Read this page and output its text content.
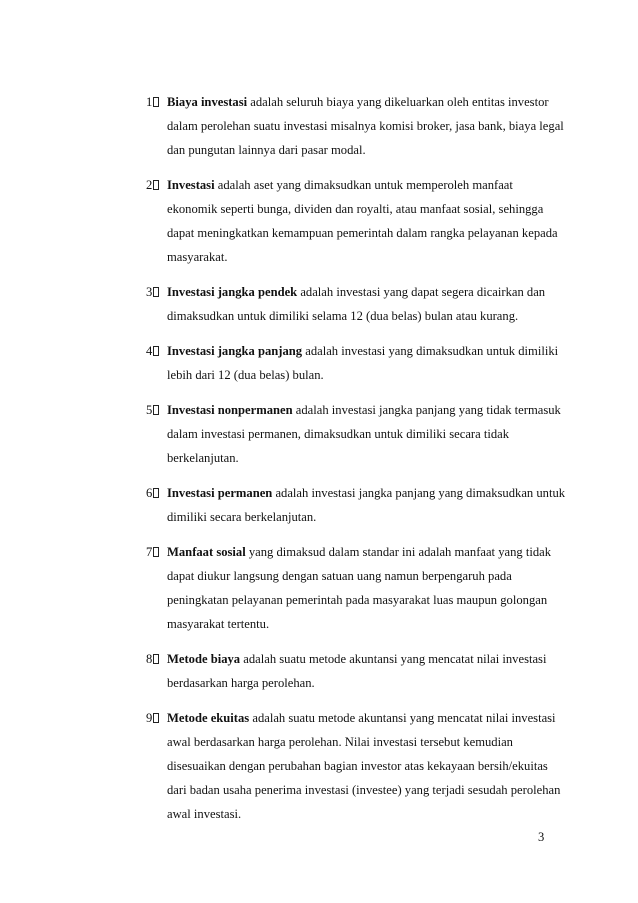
1	Biaya investasi adalah seluruh biaya yang dikeluarkan oleh entitas investor dalam perolehan suatu investasi misalnya komisi broker, jasa bank, biaya legal dan pungutan lainnya dari pasar modal.
2	Investasi adalah aset yang dimaksudkan untuk memperoleh manfaat ekonomik seperti bunga, dividen dan royalti, atau manfaat sosial, sehingga dapat meningkatkan kemampuan pemerintah dalam rangka pelayanan kepada masyarakat.
3	Investasi jangka pendek adalah investasi yang dapat segera dicairkan dan dimaksudkan untuk dimiliki selama 12 (dua belas) bulan atau kurang.
4	Investasi jangka panjang adalah investasi yang dimaksudkan untuk dimiliki lebih dari 12 (dua belas) bulan.
5	Investasi nonpermanen adalah investasi jangka panjang yang tidak termasuk dalam investasi permanen, dimaksudkan untuk dimiliki secara tidak berkelanjutan.
6	Investasi permanen adalah investasi jangka panjang yang dimaksudkan untuk dimiliki secara berkelanjutan.
7	Manfaat sosial yang dimaksud dalam standar ini adalah manfaat yang tidak dapat diukur langsung dengan satuan uang namun berpengaruh pada peningkatan pelayanan pemerintah pada masyarakat luas maupun golongan masyarakat tertentu.
8	Metode biaya adalah suatu metode akuntansi yang mencatat nilai investasi berdasarkan harga perolehan.
9	Metode ekuitas adalah suatu metode akuntansi yang mencatat nilai investasi awal berdasarkan harga perolehan. Nilai investasi tersebut kemudian disesuaikan dengan perubahan bagian investor atas kekayaan bersih/ekuitas dari badan usaha penerima investasi (investee) yang terjadi sesudah perolehan awal investasi.
3
